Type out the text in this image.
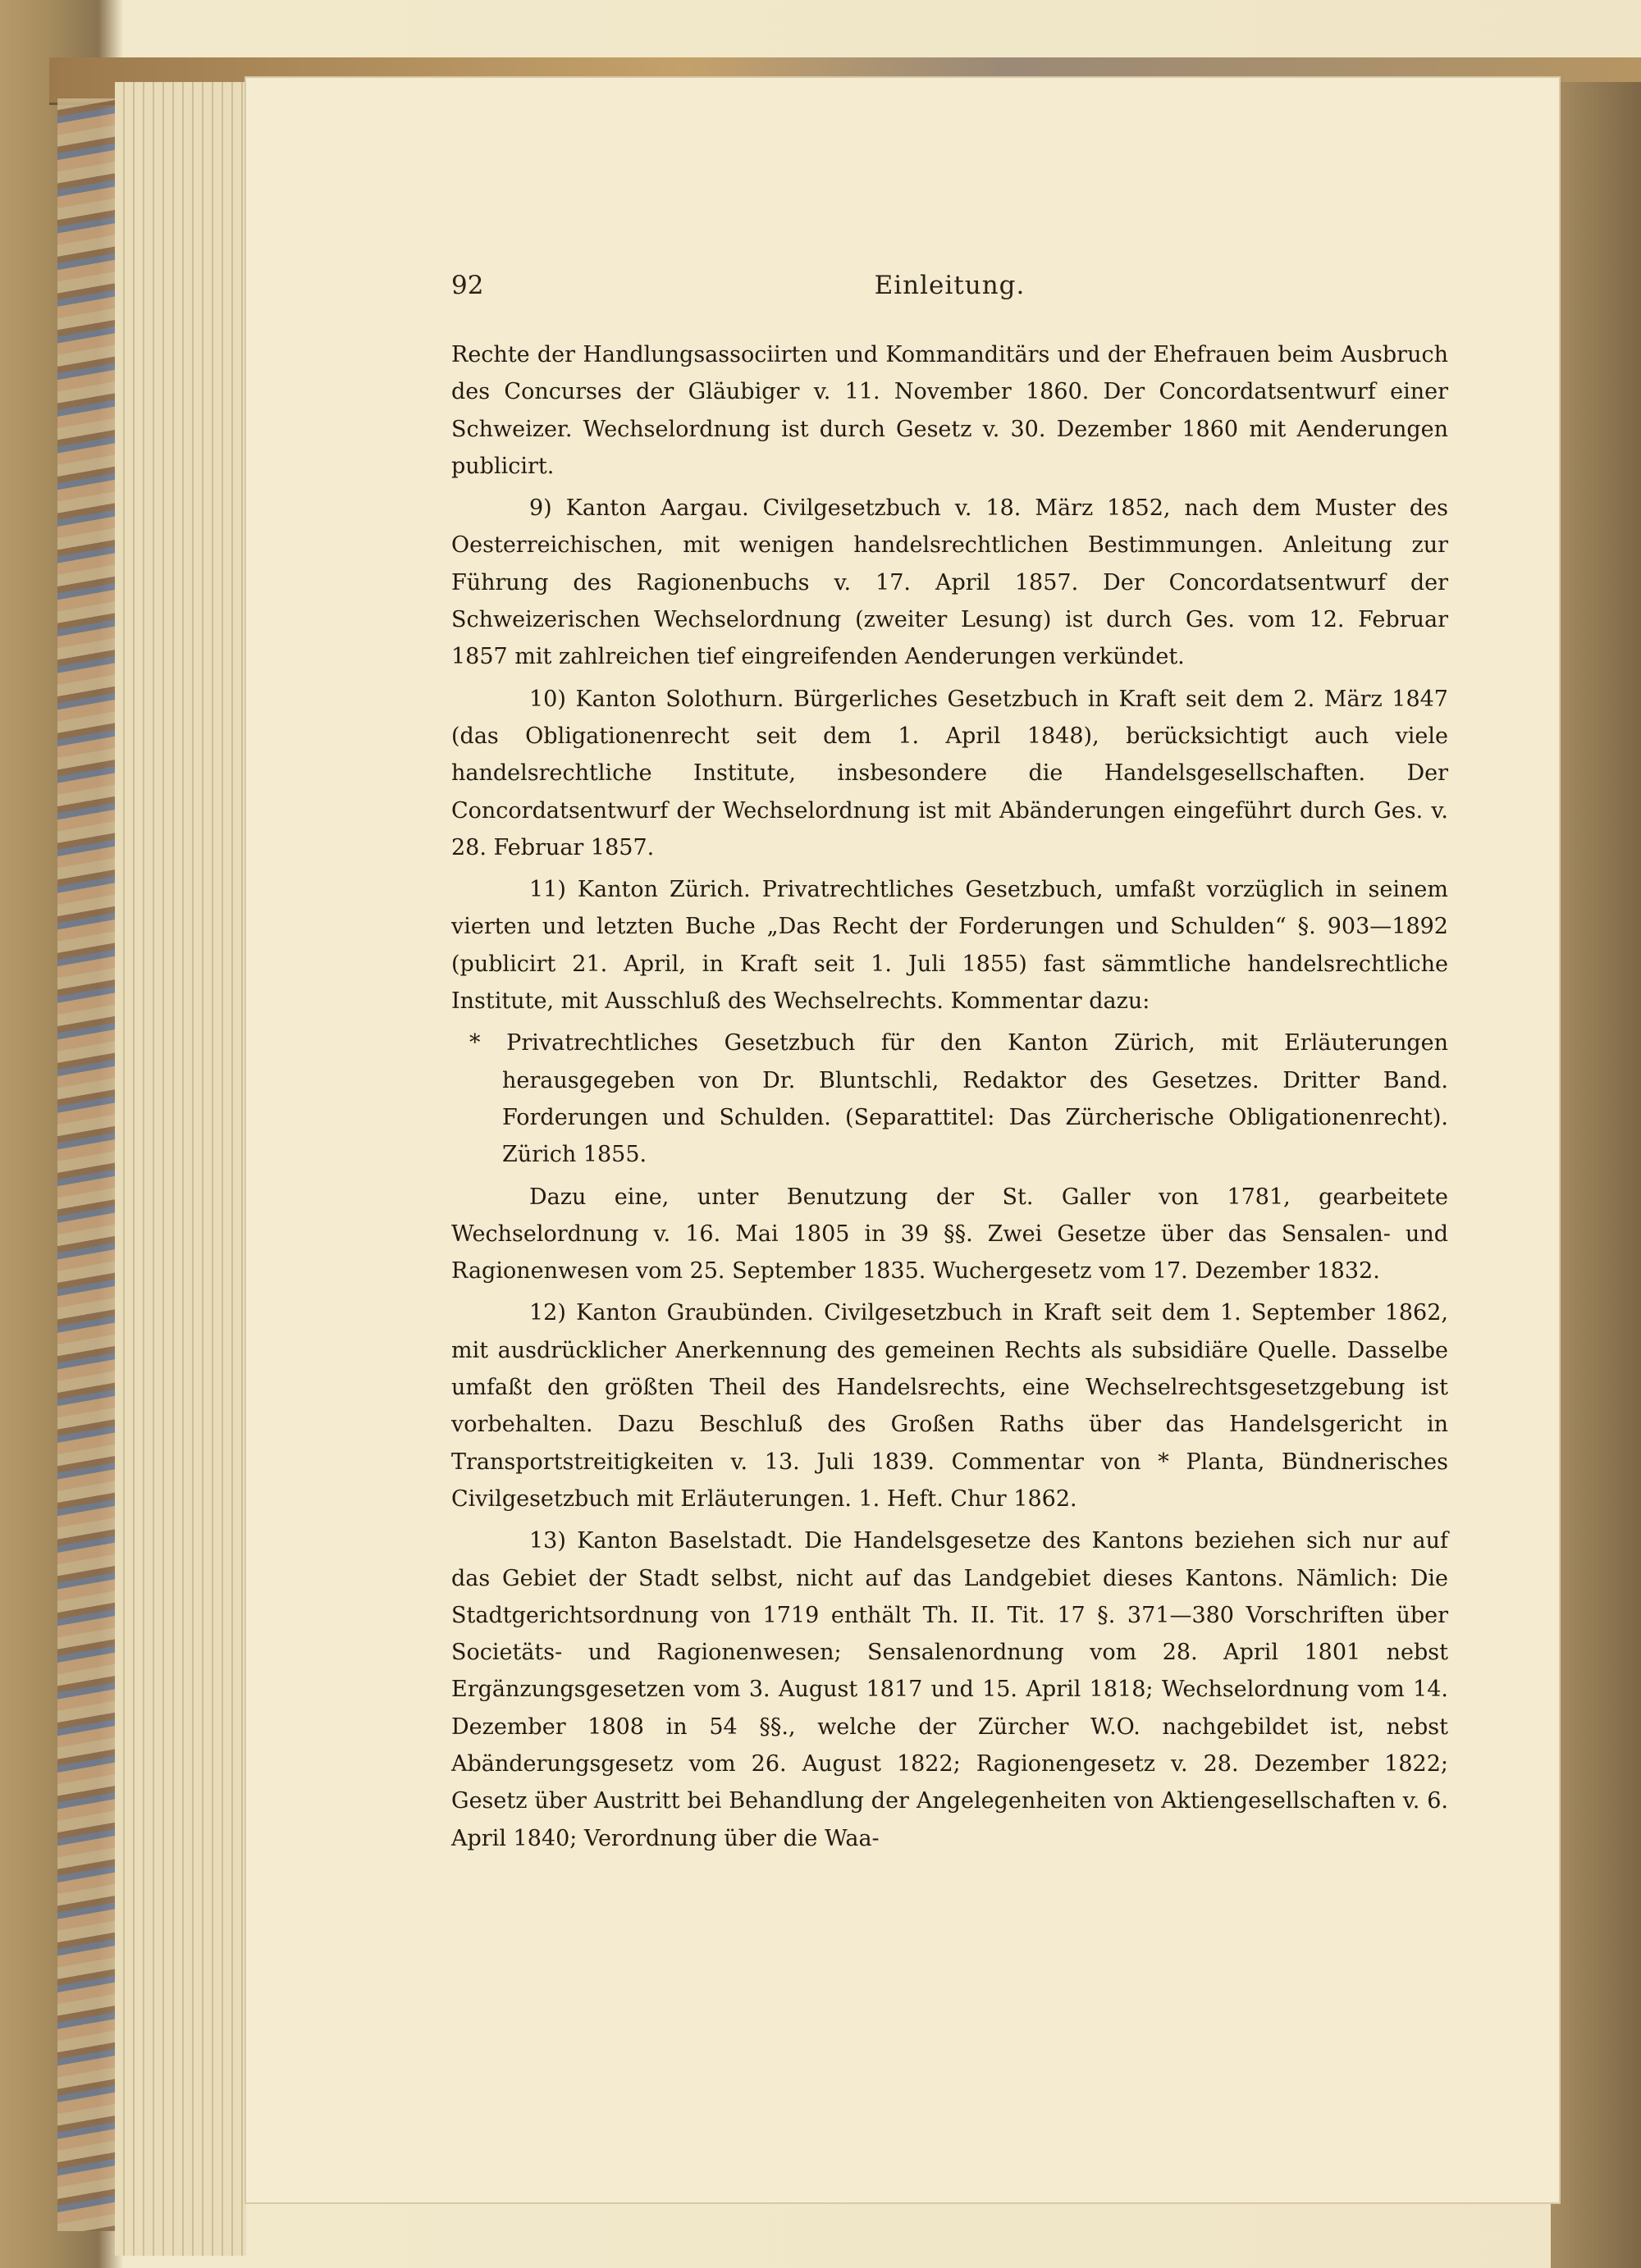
92	Einleitung.

Rechte der Handlungsassociirten und Kommanditärs und der Ehefrauen beim Ausbruch des Concurses der Gläubiger v. 11. November 1860. Der Concordatsentwurf einer Schweizer. Wechselordnung ist durch Gesetz v. 30. Dezember 1860 mit Aenderungen publicirt.

9) Kanton Aargau. Civilgesetzbuch v. 18. März 1852, nach dem Muster des Oesterreichischen, mit wenigen handelsrechtlichen Bestimmungen. Anleitung zur Führung des Ragionenbuchs v. 17. April 1857. Der Concordatsentwurf der Schweizerischen Wechselordnung (zweiter Lesung) ist durch Ges. vom 12. Februar 1857 mit zahlreichen tief eingreifenden Aenderungen verkündet.

10) Kanton Solothurn. Bürgerliches Gesetzbuch in Kraft seit dem 2. März 1847 (das Obligationenrecht seit dem 1. April 1848), berücksichtigt auch viele handelsrechtliche Institute, insbesondere die Handelsgesellschaften. Der Concordatsentwurf der Wechselordnung ist mit Abänderungen eingeführt durch Ges. v. 28. Februar 1857.

11) Kanton Zürich. Privatrechtliches Gesetzbuch, umfaßt vorzüglich in seinem vierten und letzten Buche „Das Recht der Forderungen und Schulden“ §. 903—1892 (publicirt 21. April, in Kraft seit 1. Juli 1855) fast sämmtliche handelsrechtliche Institute, mit Ausschluß des Wechselrechts. Kommentar dazu:

* Privatrechtliches Gesetzbuch für den Kanton Zürich, mit Erläuterungen herausgegeben von Dr. Bluntschli, Redaktor des Gesetzes. Dritter Band. Forderungen und Schulden. (Separattitel: Das Zürcherische Obligationenrecht). Zürich 1855.

Dazu eine, unter Benutzung der St. Galler von 1781, gearbeitete Wechselordnung v. 16. Mai 1805 in 39 §§. Zwei Gesetze über das Sensalen- und Ragionenwesen vom 25. September 1835. Wuchergesetz vom 17. Dezember 1832.

12) Kanton Graubünden. Civilgesetzbuch in Kraft seit dem 1. September 1862, mit ausdrücklicher Anerkennung des gemeinen Rechts als subsidiäre Quelle. Dasselbe umfaßt den größten Theil des Handelsrechts, eine Wechselrechtsgesetzgebung ist vorbehalten. Dazu Beschluß des Großen Raths über das Handelsgericht in Transportstreitigkeiten v. 13. Juli 1839. Commentar von * Planta, Bündnerisches Civilgesetzbuch mit Erläuterungen. 1. Heft. Chur 1862.

13) Kanton Baselstadt. Die Handelsgesetze des Kantons beziehen sich nur auf das Gebiet der Stadt selbst, nicht auf das Landgebiet dieses Kantons. Nämlich: Die Stadtgerichtsordnung von 1719 enthält Th. II. Tit. 17 §. 371—380 Vorschriften über Societäts- und Ragionenwesen; Sensalenordnung vom 28. April 1801 nebst Ergänzungsgesetzen vom 3. August 1817 und 15. April 1818; Wechselordnung vom 14. Dezember 1808 in 54 §§., welche der Zürcher W.O. nachgebildet ist, nebst Abänderungsgesetz vom 26. August 1822; Ragionengesetz v. 28. Dezember 1822; Gesetz über Austritt bei Behandlung der Angelegenheiten von Aktiengesellschaften v. 6. April 1840; Verordnung über die Waa-
